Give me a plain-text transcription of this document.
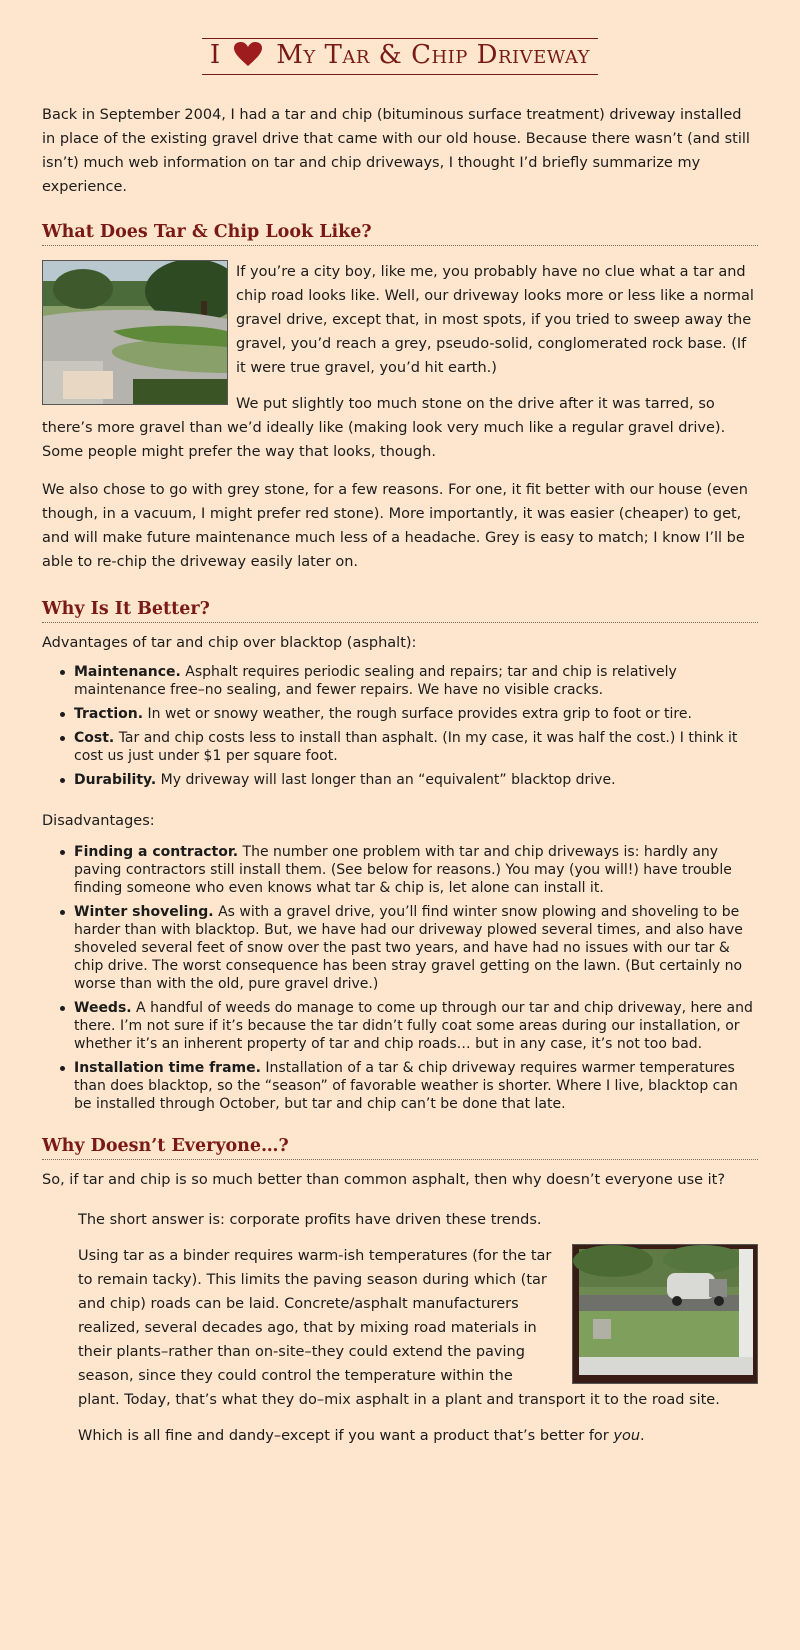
I My Tar & Chip Driveway

Back in September 2004, I had a tar and chip (bituminous surface treatment) driveway installed in place of the existing gravel drive that came with our old house. Because there wasn’t (and still isn’t) much web information on tar and chip driveways, I thought I’d briefly summarize my experience.

What Does Tar & Chip Look Like?

If you’re a city boy, like me, you probably have no clue what a tar and chip road looks like. Well, our driveway looks more or less like a normal gravel drive, except that, in most spots, if you tried to sweep away the gravel, you’d reach a grey, pseudo-solid, conglomerated rock base. (If it were true gravel, you’d hit earth.)

We put slightly too much stone on the drive after it was tarred, so there’s more gravel than we’d ideally like (making look very much like a regular gravel drive). Some people might prefer the way that looks, though.

We also chose to go with grey stone, for a few reasons. For one, it fit better with our house (even though, in a vacuum, I might prefer red stone). More importantly, it was easier (cheaper) to get, and will make future maintenance much less of a headache. Grey is easy to match; I know I’ll be able to re-chip the driveway easily later on.

Why Is It Better?

Advantages of tar and chip over blacktop (asphalt):

Maintenance. Asphalt requires periodic sealing and repairs; tar and chip is relatively maintenance free–no sealing, and fewer repairs. We have no visible cracks.
Traction. In wet or snowy weather, the rough surface provides extra grip to foot or tire.
Cost. Tar and chip costs less to install than asphalt. (In my case, it was half the cost.) I think it cost us just under $1 per square foot.
Durability. My driveway will last longer than an “equivalent” blacktop drive.

Disadvantages:

Finding a contractor. The number one problem with tar and chip driveways is: hardly any paving contractors still install them. (See below for reasons.) You may (you will!) have trouble finding someone who even knows what tar & chip is, let alone can install it.
Winter shoveling. As with a gravel drive, you’ll find winter snow plowing and shoveling to be harder than with blacktop. But, we have had our driveway plowed several times, and also have shoveled several feet of snow over the past two years, and have had no issues with our tar & chip drive. The worst consequence has been stray gravel getting on the lawn. (But certainly no worse than with the old, pure gravel drive.)
Weeds. A handful of weeds do manage to come up through our tar and chip driveway, here and there. I’m not sure if it’s because the tar didn’t fully coat some areas during our installation, or whether it’s an inherent property of tar and chip roads… but in any case, it’s not too bad.
Installation time frame. Installation of a tar & chip driveway requires warmer temperatures than does blacktop, so the “season” of favorable weather is shorter. Where I live, blacktop can be installed through October, but tar and chip can’t be done that late.
Why Doesn’t Everyone…?

So, if tar and chip is so much better than common asphalt, then why doesn’t everyone use it?

The short answer is: corporate profits have driven these trends.

Using tar as a binder requires warm-ish temperatures (for the tar to remain tacky). This limits the paving season during which (tar and chip) roads can be laid. Concrete/asphalt manufacturers realized, several decades ago, that by mixing road materials in their plants–rather than on-site–they could extend the paving season, since they could control the temperature within the plant. Today, that’s what they do–mix asphalt in a plant and transport it to the road site.

Which is all fine and dandy–except if you want a product that’s better for you.
